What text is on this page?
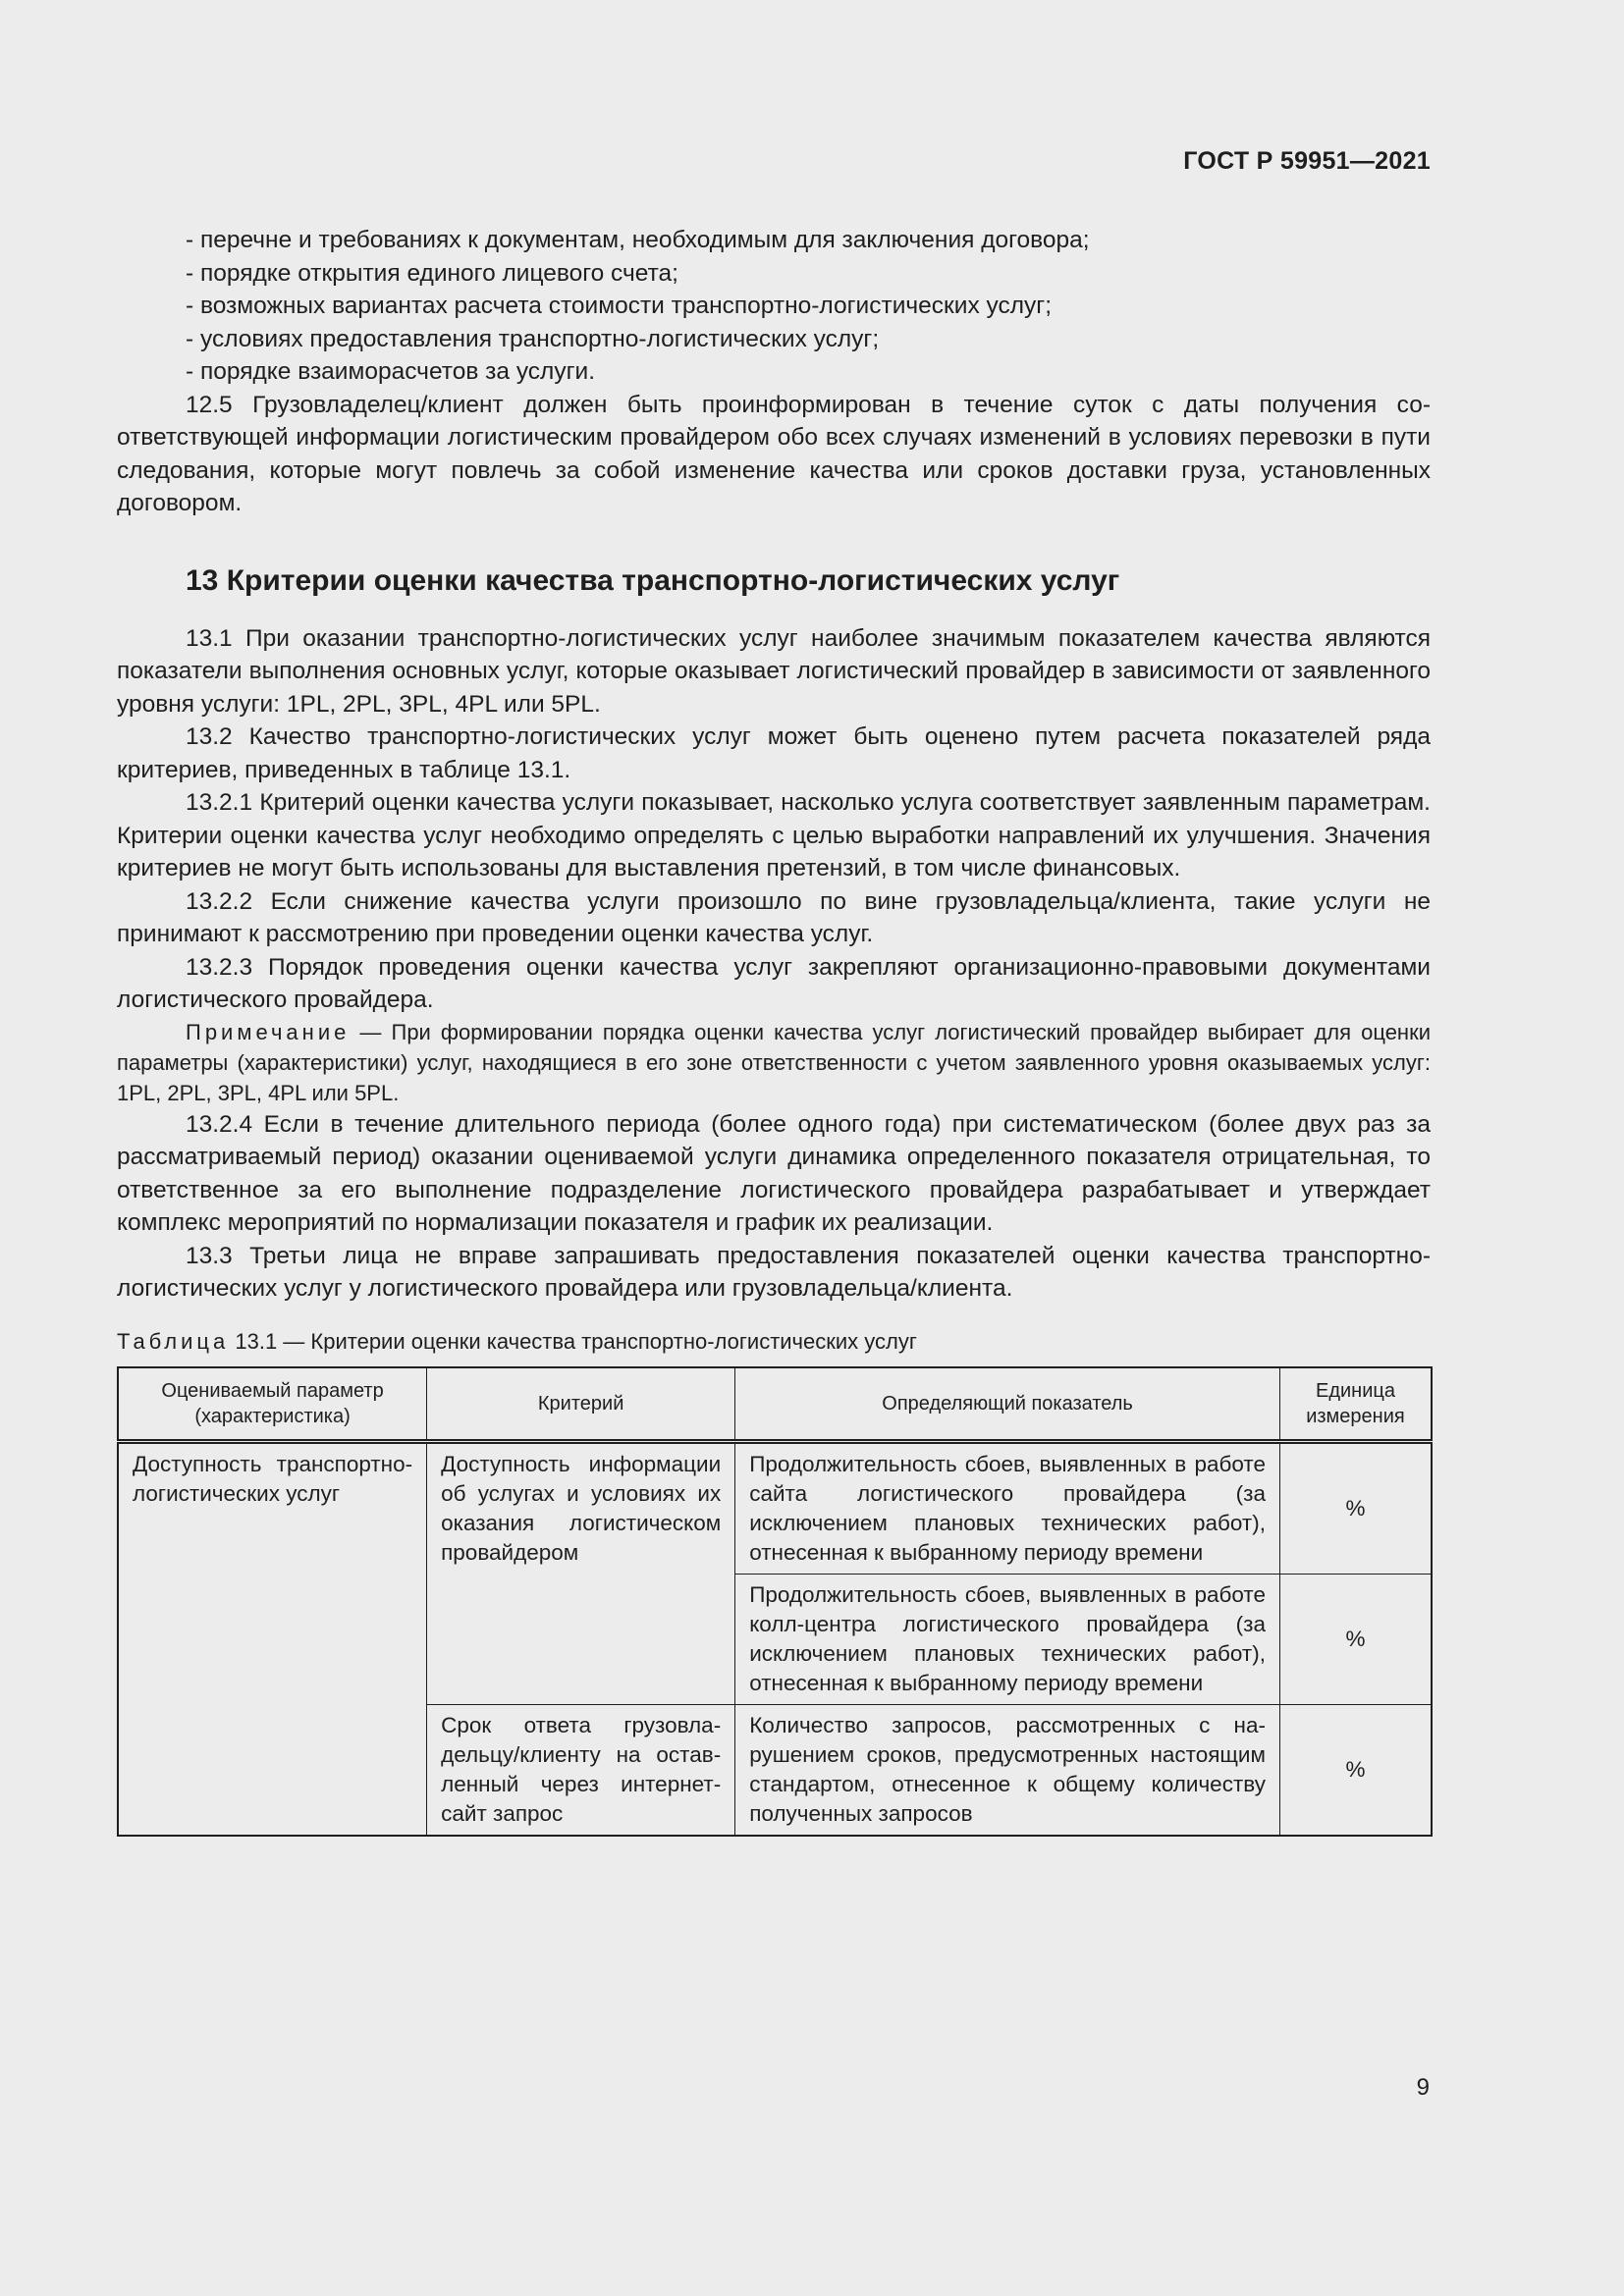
ГОСТ Р 59951—2021

- перечне и требованиях к документам, необходимым для заключения договора;

- порядке открытия единого лицевого счета;

- возможных вариантах расчета стоимости транспортно-логистических услуг;

- условиях предоставления транспортно-логистических услуг;

- порядке взаиморасчетов за услуги.

12.5 Грузовладелец/клиент должен быть проинформирован в течение суток с даты получения соответствующей информации логистическим провайдером обо всех случаях изменений в условиях перевозки в пути следования, которые могут повлечь за собой изменение качества или сроков доставки груза, установленных договором.

13 Критерии оценки качества транспортно-логистических услуг

13.1 При оказании транспортно-логистических услуг наиболее значимым показателем качества являются показатели выполнения основных услуг, которые оказывает логистический провайдер в зависимости от заявленного уровня услуги: 1PL, 2PL, 3PL, 4PL или 5PL.

13.2 Качество транспортно-логистических услуг может быть оценено путем расчета показателей ряда критериев, приведенных в таблице 13.1.

13.2.1 Критерий оценки качества услуги показывает, насколько услуга соответствует заявленным параметрам. Критерии оценки качества услуг необходимо определять с целью выработки направлений их улучшения. Значения критериев не могут быть использованы для выставления претензий, в том числе финансовых.

13.2.2 Если снижение качества услуги произошло по вине грузовладельца/клиента, такие услуги не принимают к рассмотрению при проведении оценки качества услуг.

13.2.3 Порядок проведения оценки качества услуг закрепляют организационно-правовыми документами логистического провайдера.

Примечание — При формировании порядка оценки качества услуг логистический провайдер выбирает для оценки параметры (характеристики) услуг, находящиеся в его зоне ответственности с учетом заявленного уровня оказываемых услуг: 1PL, 2PL, 3PL, 4PL или 5PL.

13.2.4 Если в течение длительного периода (более одного года) при систематическом (более двух раз за рассматриваемый период) оказании оцениваемой услуги динамика определенного показателя отрицательная, то ответственное за его выполнение подразделение логистического провайдера разрабатывает и утверждает комплекс мероприятий по нормализации показателя и график их реализации.

13.3 Третьи лица не вправе запрашивать предоставления показателей оценки качества транспортно-логистических услуг у логистического провайдера или грузовладельца/клиента.

Таблица 13.1 — Критерии оценки качества транспортно-логистических услуг
Оцениваемый параметр (характеристика)	Критерий	Определяющий показатель	Единица измерения
Доступность транспортно-логистических услуг	Доступность информации об услугах и условиях их оказания логистическом провайдером	Продолжительность сбоев, выявленных в работе сайта логистического провайдера (за исключением плановых технических работ), отнесенная к выбранному периоду времени	%
		Продолжительность сбоев, выявленных в работе колл-центра логистического провайдера (за исключением плановых технических работ), отнесенная к выбранному периоду времени	%
	Срок ответа грузовладельцу/клиенту на оставленный через интернет-сайт запрос	Количество запросов, рассмотренных с нарушением сроков, предусмотренных настоящим стандартом, отнесенное к общему количеству полученных запросов	%
9
